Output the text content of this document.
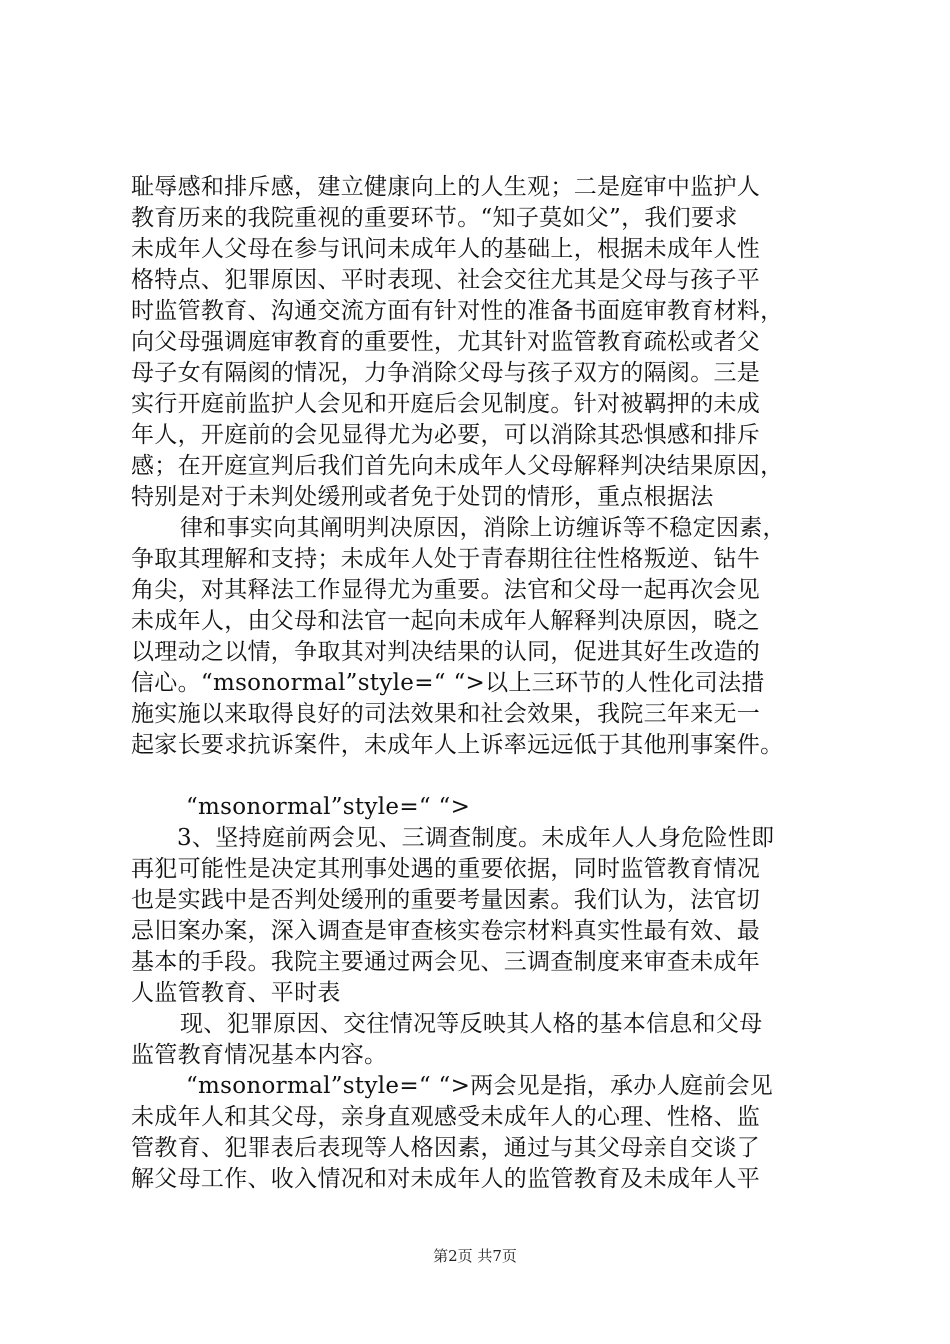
耻辱感和排斥感，建立健康向上的人生观；二是庭审中监护人
教育历来的我院重视的重要环节。“知子莫如父”，我们要求
未成年人父母在参与讯问未成年人的基础上，根据未成年人性
格特点、犯罪原因、平时表现、社会交往尤其是父母与孩子平
时监管教育、沟通交流方面有针对性的准备书面庭审教育材料，
向父母强调庭审教育的重要性，尤其针对监管教育疏松或者父
母子女有隔阂的情况，力争消除父母与孩子双方的隔阂。三是
实行开庭前监护人会见和开庭后会见制度。针对被羁押的未成
年人，开庭前的会见显得尤为必要，可以消除其恐惧感和排斥
感；在开庭宣判后我们首先向未成年人父母解释判决结果原因，
特别是对于未判处缓刑或者免于处罚的情形，重点根据法
律和事实向其阐明判决原因，消除上访缠诉等不稳定因素，
争取其理解和支持；未成年人处于青春期往往性格叛逆、钻牛
角尖，对其释法工作显得尤为重要。法官和父母一起再次会见
未成年人，由父母和法官一起向未成年人解释判决原因，晓之
以理动之以情，争取其对判决结果的认同，促进其好生改造的
信心。“msonormal”style=“ “>以上三环节的人性化司法措
施实施以来取得良好的司法效果和社会效果，我院三年来无一
起家长要求抗诉案件，未成年人上诉率远远低于其他刑事案件。
“msonormal”style=“ “>
3、坚持庭前两会见、三调查制度。未成年人人身危险性即
再犯可能性是决定其刑事处遇的重要依据，同时监管教育情况
也是实践中是否判处缓刑的重要考量因素。我们认为，法官切
忌旧案办案，深入调查是审查核实卷宗材料真实性最有效、最
基本的手段。我院主要通过两会见、三调查制度来审查未成年
人监管教育、平时表
现、犯罪原因、交往情况等反映其人格的基本信息和父母
监管教育情况基本内容。
“msonormal”style=“ “>两会见是指，承办人庭前会见
未成年人和其父母，亲身直观感受未成年人的心理、性格、监
管教育、犯罪表后表现等人格因素，通过与其父母亲自交谈了
解父母工作、收入情况和对未成年人的监管教育及未成年人平
第2页 共7页
